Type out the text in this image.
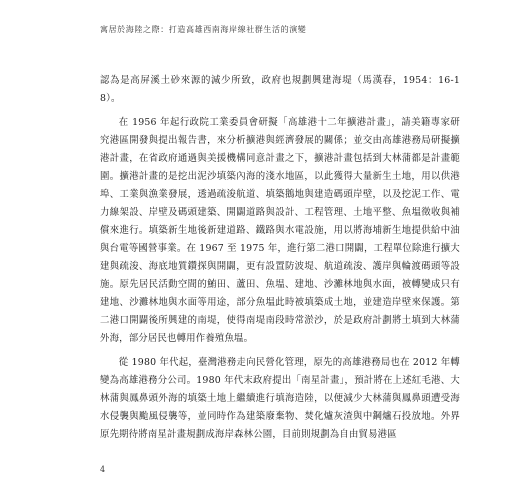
寓居於海陸之際：打造高雄西南海岸線社群生活的演變

認為是高屏溪土砂來源的減少所致，政府也規劃興建海堤（馬漢春，1954：16-18）。

在 1956 年起行政院工業委員會研擬「高雄港十二年擴港計畫」，請美籍專家研究港區開發與提出報告書，來分析擴港與經濟發展的關係；並交由高雄港務局研擬擴港計畫，在省政府通過與美援機構同意計畫之下，擴港計畫包括到大林蒲都是計畫範圍。擴港計畫的是挖出泥沙填築內海的淺水地區，以此獲得大量新生土地，用以供港埠、工業與漁業發展，透過疏浚航道、填築鵝地與建造碼頭岸壁，以及挖泥工作、電力線架設、岸壁及碼頭建築、開闢道路與設計、工程管理、土地平整、魚塭徵收與補償來進行。填築新生地後新建道路、鐵路與水電設施，用以將海埔新生地提供給中油與台電等國營事業。在 1967 至 1975 年，進行第二港口開闢，工程單位除進行擴大建與疏浚、海底地質鑽探與開闢，更有設置防波堤、航道疏浚、護岸與輪渡碼頭等設施。原先居民活動空間的鮪田、蘆田、魚塭、建地、沙灘林地與水面，被轉變成只有建地、沙灘林地與水面等用途，部分魚塭此時被填築成土地，並建造岸壁來保護。第二港口開闢後所興建的南堤，使得南堤南段時常淤沙，於是政府計劃將土填到大林蒲外海，部分居民也轉用作養殖魚塭。

從 1980 年代起，臺灣港務走向民營化管理，原先的高雄港務局也在 2012 年轉變為高雄港務分公司。1980 年代末政府提出「南星計畫」，預計將在上述紅毛港、大林蒲與鳳鼻頭外海的填築土地上繼續進行填海造陸，以便減少大林蒲與鳳鼻頭遭受海水侵襲與颱風侵襲等，並同時作為建築廢棄物、焚化爐灰渣與中鋼爐石投放地。外界原先期待將南星計畫規劃成海岸森林公園，目前則規劃為自由貿易港區

4
